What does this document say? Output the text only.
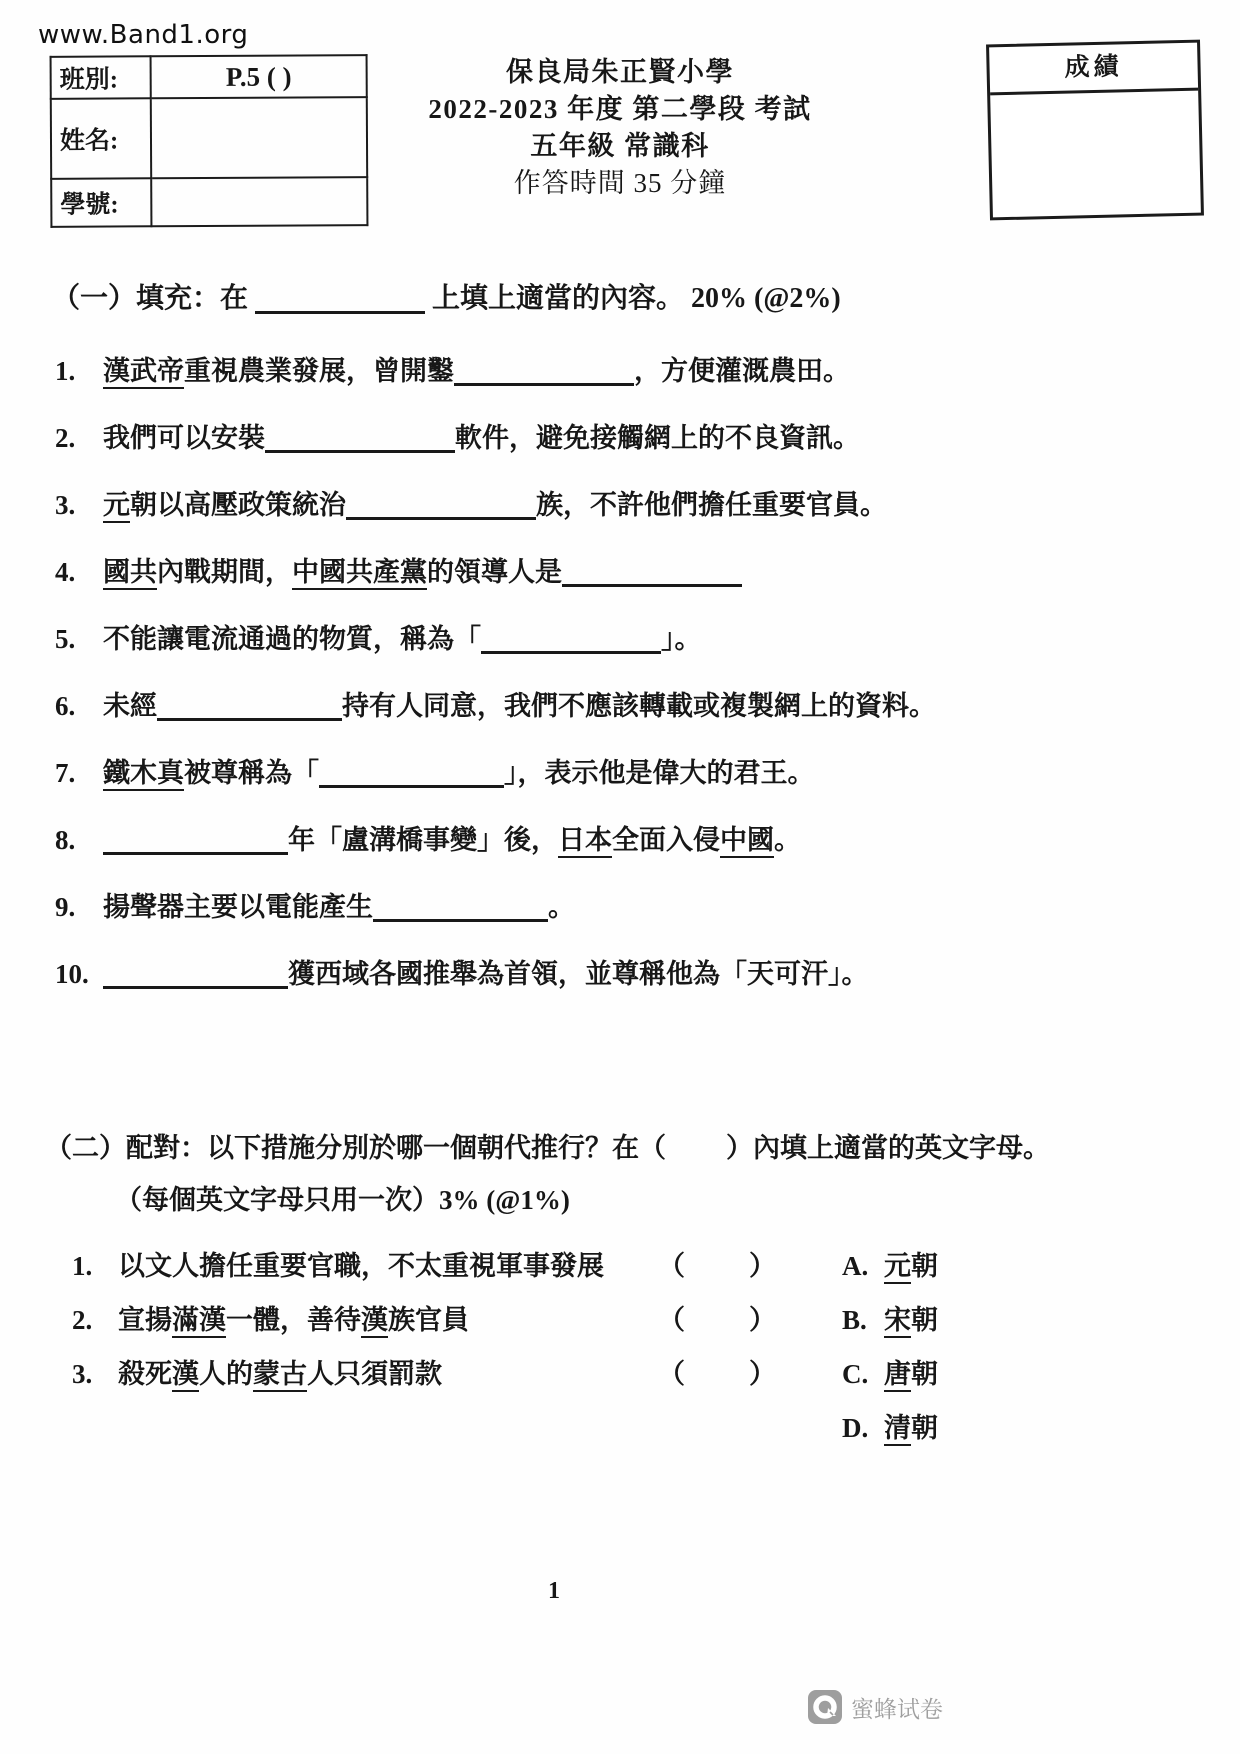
www.Band1.org
班別:	P.5 ( )
姓名:	
學號:	
保良局朱正賢小學
2022-2023 年度 第二學段 考試
五年級 常識科
作答時間 35 分鐘
成績
（一）填充：在	上填上適當的內容。 20% (@2%)
1.	漢武帝重視農業發展，曾開鑿	，方便灌溉農田。
2.	我們可以安裝	軟件，避免接觸網上的不良資訊。
3.	元朝以高壓政策統治	族，不許他們擔任重要官員。
4.	國共內戰期間，中國共產黨的領導人是
5.	不能讓電流通過的物質，稱為「	」。
6.	未經	持有人同意，我們不應該轉載或複製網上的資料。
7.	鐵木真被尊稱為「	」，表示他是偉大的君王。
8.	年「盧溝橋事變」後，日本全面入侵中國。
9.	揚聲器主要以電能產生	。
10.	獲西域各國推舉為首領，並尊稱他為「天可汗」。
（二）配對：以下措施分別於哪一個朝代推行？在（ ）內填上適當的英文字母。
（每個英文字母只用一次）3% (@1%)
1. 以文人擔任重要官職，不太重視軍事發展	（ ） A. 元朝
2. 宣揚滿漢一體，善待漢族官員	（ ） B. 宋朝
3. 殺死漢人的蒙古人只須罰款	（ ） C. 唐朝
D. 清朝
1
蜜蜂试卷
